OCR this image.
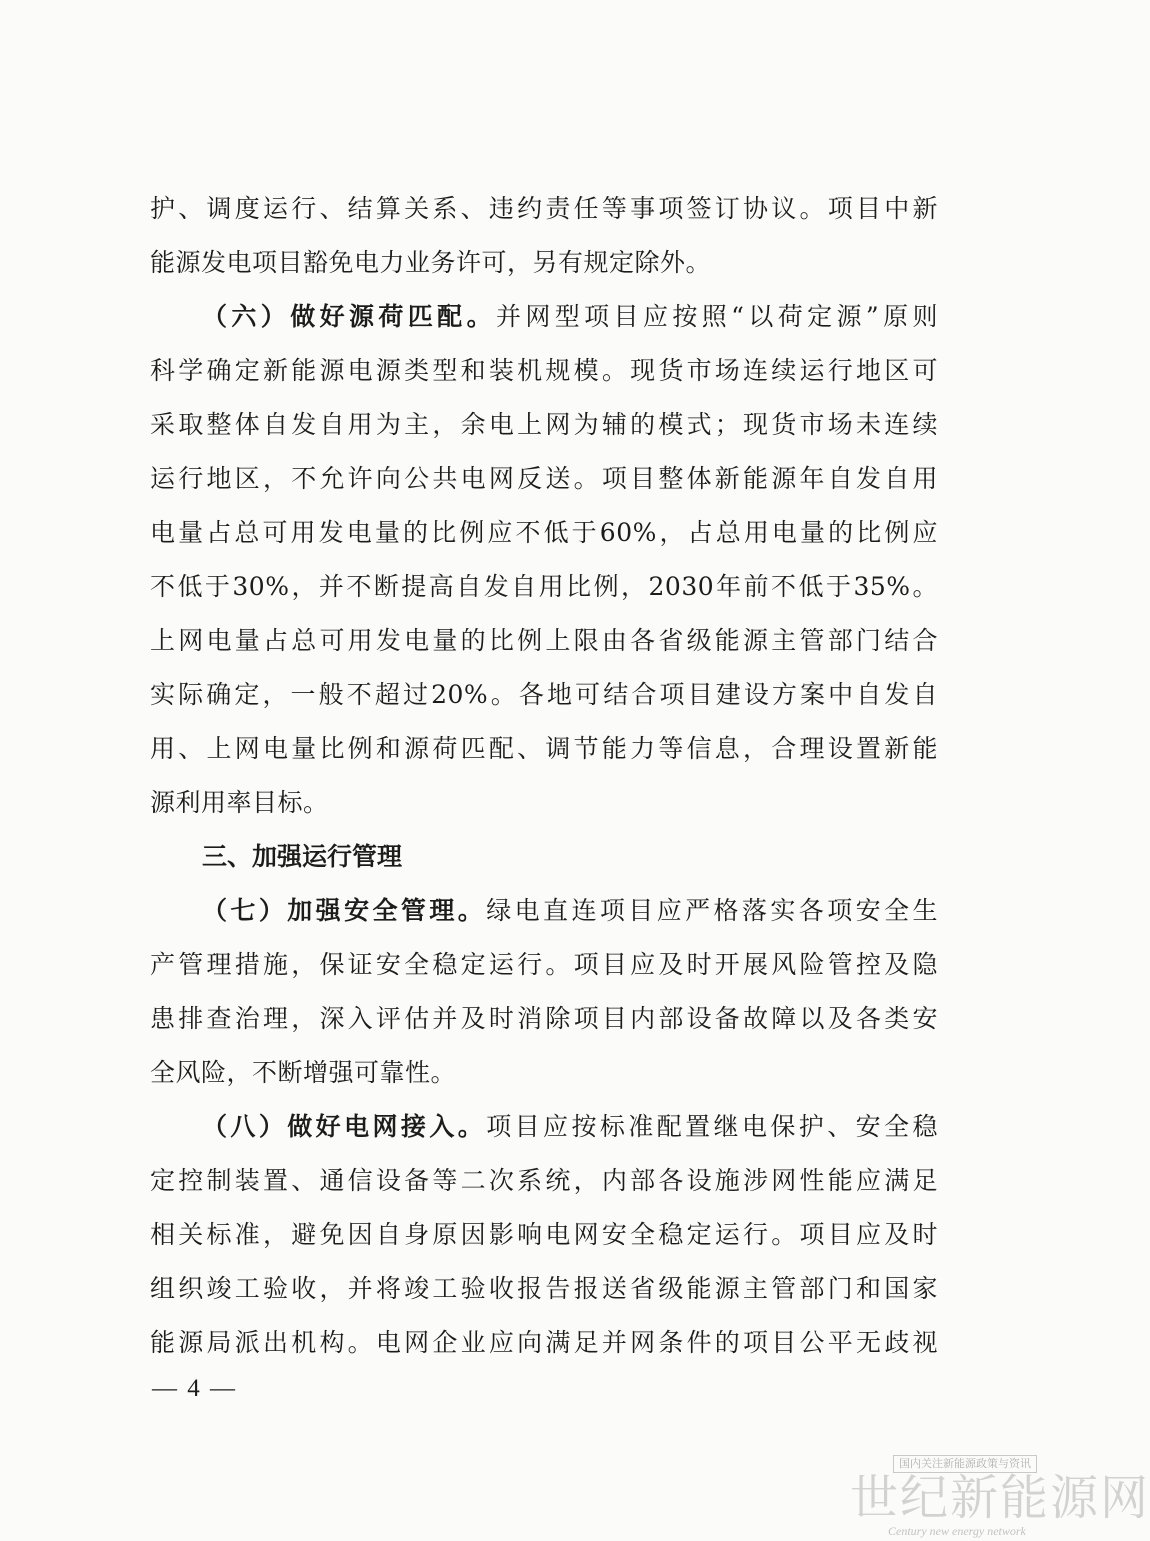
护、调度运行、结算关系、违约责任等事项签订协议。项目中新
能源发电项目豁免电力业务许可，另有规定除外。
（六）做好源荷匹配。并网型项目应按照“以荷定源”原则
科学确定新能源电源类型和装机规模。现货市场连续运行地区可
采取整体自发自用为主，余电上网为辅的模式；现货市场未连续
运行地区，不允许向公共电网反送。项目整体新能源年自发自用
电量占总可用发电量的比例应不低于60%，占总用电量的比例应
不低于30%，并不断提高自发自用比例，2030年前不低于35%。
上网电量占总可用发电量的比例上限由各省级能源主管部门结合
实际确定，一般不超过20%。各地可结合项目建设方案中自发自
用、上网电量比例和源荷匹配、调节能力等信息，合理设置新能
源利用率目标。
三、加强运行管理
（七）加强安全管理。绿电直连项目应严格落实各项安全生
产管理措施，保证安全稳定运行。项目应及时开展风险管控及隐
患排查治理，深入评估并及时消除项目内部设备故障以及各类安
全风险，不断增强可靠性。
（八）做好电网接入。项目应按标准配置继电保护、安全稳
定控制装置、通信设备等二次系统，内部各设施涉网性能应满足
相关标准，避免因自身原因影响电网安全稳定运行。项目应及时
组织竣工验收，并将竣工验收报告报送省级能源主管部门和国家
能源局派出机构。电网企业应向满足并网条件的项目公平无歧视
— 4 —
国内关注新能源政策与资讯
世纪新能源网
Century new energy network
